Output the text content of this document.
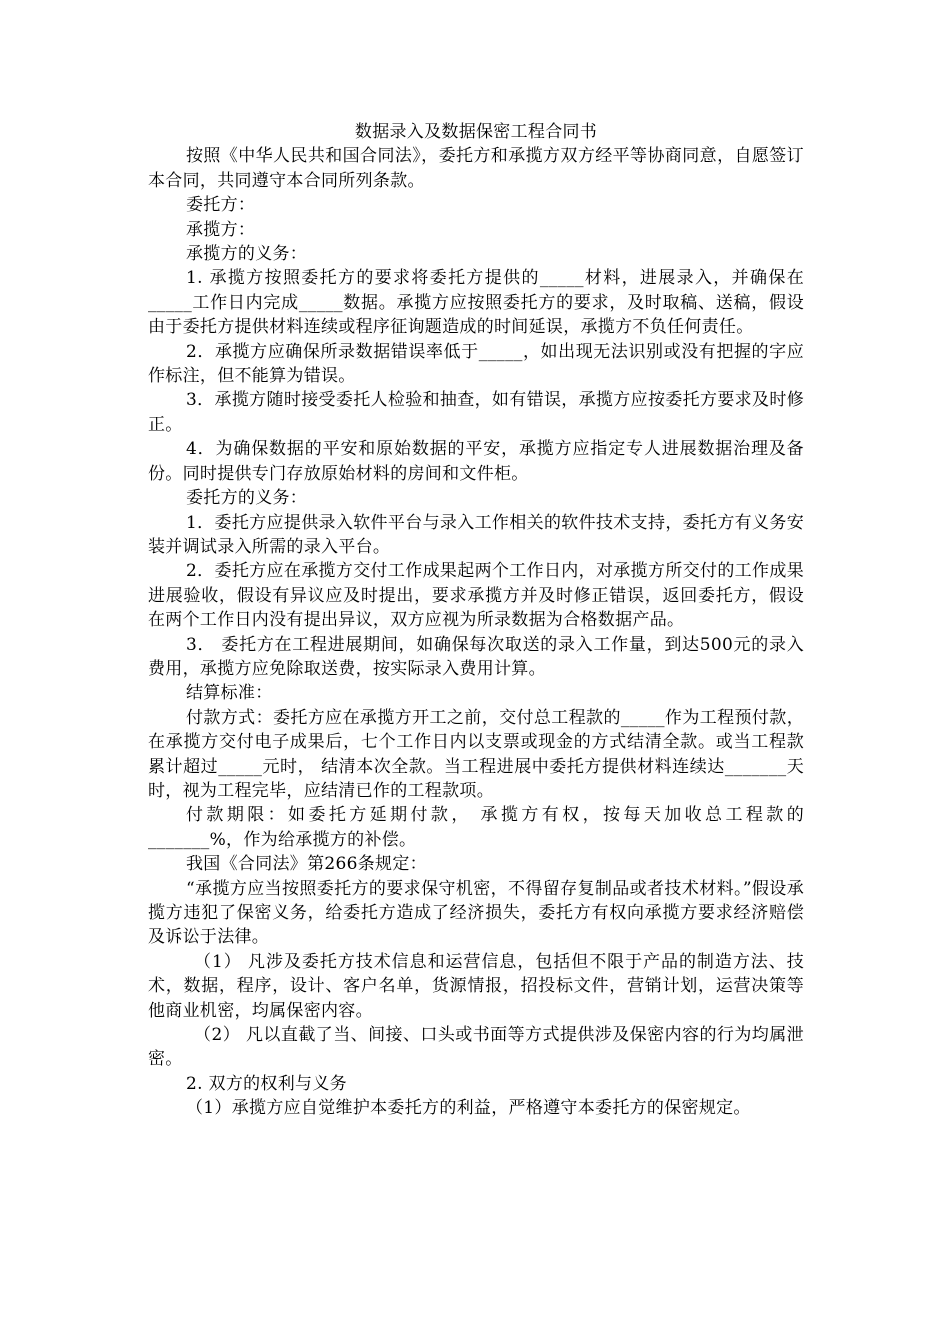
数据录入及数据保密工程合同书

按照《中华人民共和国合同法》，委托方和承揽方双方经平等协商同意，自愿签订本合同，共同遵守本合同所列条款。

委托方：

承揽方：

承揽方的义务：

1. 承揽方按照委托方的要求将委托方提供的_____材料，进展录入，并确保在_____工作日内完成_____数据。承揽方应按照委托方的要求，及时取稿、送稿，假设由于委托方提供材料连续或程序征询题造成的时间延误，承揽方不负任何责任。

2．承揽方应确保所录数据错误率低于_____，如出现无法识别或没有把握的字应作标注，但不能算为错误。

3．承揽方随时接受委托人检验和抽查，如有错误，承揽方应按委托方要求及时修正。

4．为确保数据的平安和原始数据的平安，承揽方应指定专人进展数据治理及备份。同时提供专门存放原始材料的房间和文件柜。

委托方的义务：

1．委托方应提供录入软件平台与录入工作相关的软件技术支持，委托方有义务安装并调试录入所需的录入平台。

2．委托方应在承揽方交付工作成果起两个工作日内，对承揽方所交付的工作成果进展验收，假设有异议应及时提出，要求承揽方并及时修正错误，返回委托方，假设在两个工作日内没有提出异议，双方应视为所录数据为合格数据产品。

3． 委托方在工程进展期间，如确保每次取送的录入工作量，到达500元的录入费用，承揽方应免除取送费，按实际录入费用计算。

结算标准：

付款方式：委托方应在承揽方开工之前，交付总工程款的_____作为工程预付款， 在承揽方交付电子成果后，七个工作日内以支票或现金的方式结清全款。或当工程款累计超过_____元时， 结清本次全款。当工程进展中委托方提供材料连续达_______天时，视为工程完毕，应结清已作的工程款项。

付款期限：如委托方延期付款， 承揽方有权，按每天加收总工程款的_______%，作为给承揽方的补偿。

我国《合同法》第266条规定：

“承揽方应当按照委托方的要求保守机密，不得留存复制品或者技术材料。”假设承揽方违犯了保密义务，给委托方造成了经济损失，委托方有权向承揽方要求经济赔偿及诉讼于法律。

（1） 凡涉及委托方技术信息和运营信息，包括但不限于产品的制造方法、技术，数据，程序，设计、客户名单，货源情报，招投标文件，营销计划，运营决策等他商业机密，均属保密内容。

（2） 凡以直截了当、间接、口头或书面等方式提供涉及保密内容的行为均属泄密。

2. 双方的权利与义务

（1）承揽方应自觉维护本委托方的利益，严格遵守本委托方的保密规定。
